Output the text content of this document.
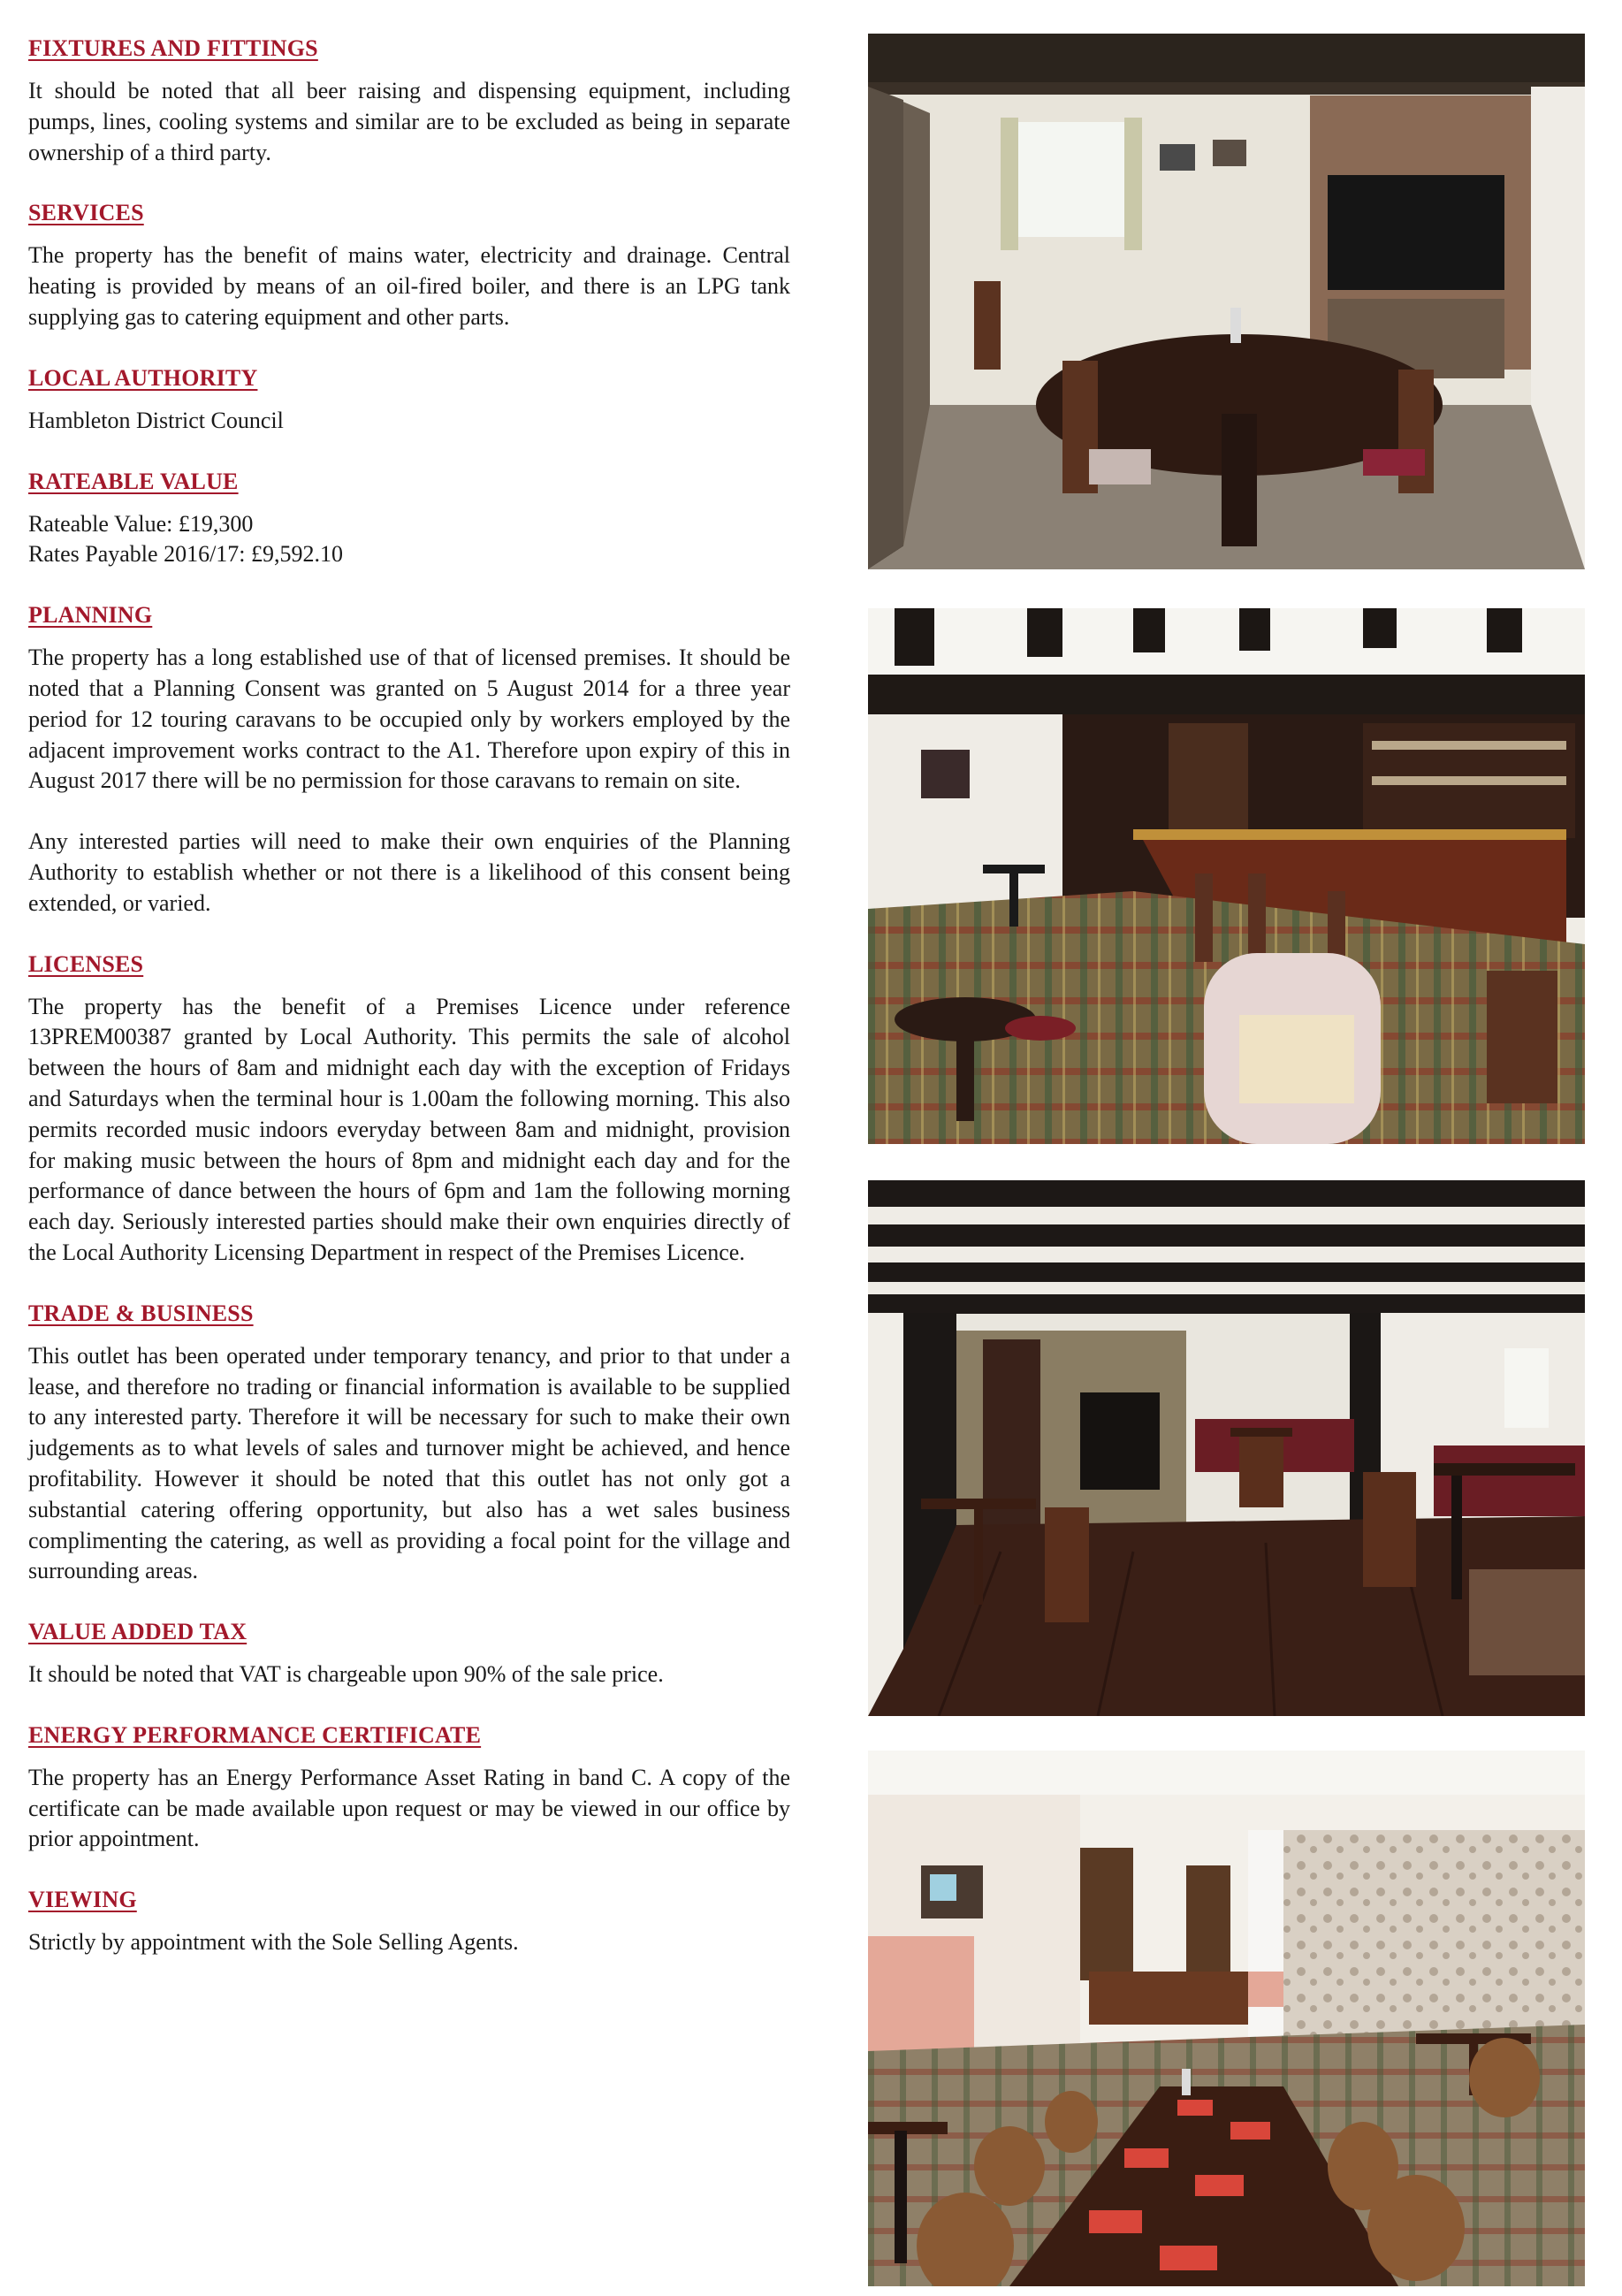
FIXTURES AND FITTINGS

It should be noted that all beer raising and dispensing equipment, including pumps, lines, cooling systems and similar are to be excluded as being in separate ownership of a third party.

SERVICES

The property has the benefit of mains water, electricity and drainage. Central heating is provided by means of an oil-fired boiler, and there is an LPG tank supplying gas to catering equipment and other parts.

LOCAL AUTHORITY

Hambleton District Council

RATEABLE VALUE

Rateable Value: £19,300
Rates Payable 2016/17: £9,592.10

PLANNING

The property has a long established use of that of licensed premises. It should be noted that a Planning Consent was granted on 5 August 2014 for a three year period for 12 touring caravans to be occupied only by workers employed by the adjacent improvement works contract to the A1. Therefore upon expiry of this in August 2017 there will be no permission for those caravans to remain on site.

Any interested parties will need to make their own enquiries of the Planning Authority to establish whether or not there is a likelihood of this consent being extended, or varied.

LICENSES

The property has the benefit of a Premises Licence under reference 13PREM00387 granted by Local Authority. This permits the sale of alcohol between the hours of 8am and midnight each day with the exception of Fridays and Saturdays when the terminal hour is 1.00am the following morning. This also permits recorded music indoors everyday between 8am and midnight, provision for making music between the hours of 8pm and midnight each day and for the performance of dance between the hours of 6pm and 1am the following morning each day. Seriously interested parties should make their own enquiries directly of the Local Authority Licensing Department in respect of the Premises Licence.

TRADE & BUSINESS

This outlet has been operated under temporary tenancy, and prior to that under a lease, and therefore no trading or financial information is available to be supplied to any interested party. Therefore it will be necessary for such to make their own judgements as to what levels of sales and turnover might be achieved, and hence profitability. However it should be noted that this outlet has not only got a substantial catering offering opportunity, but also has a wet sales business complimenting the catering, as well as providing a focal point for the village and surrounding areas.

VALUE ADDED TAX

It should be noted that VAT is chargeable upon 90% of the sale price.

ENERGY PERFORMANCE CERTIFICATE

The property has an Energy Performance Asset Rating in band C. A copy of the certificate can be made available upon request or may be viewed in our office by prior appointment.

VIEWING

Strictly by appointment with the Sole Selling Agents.
